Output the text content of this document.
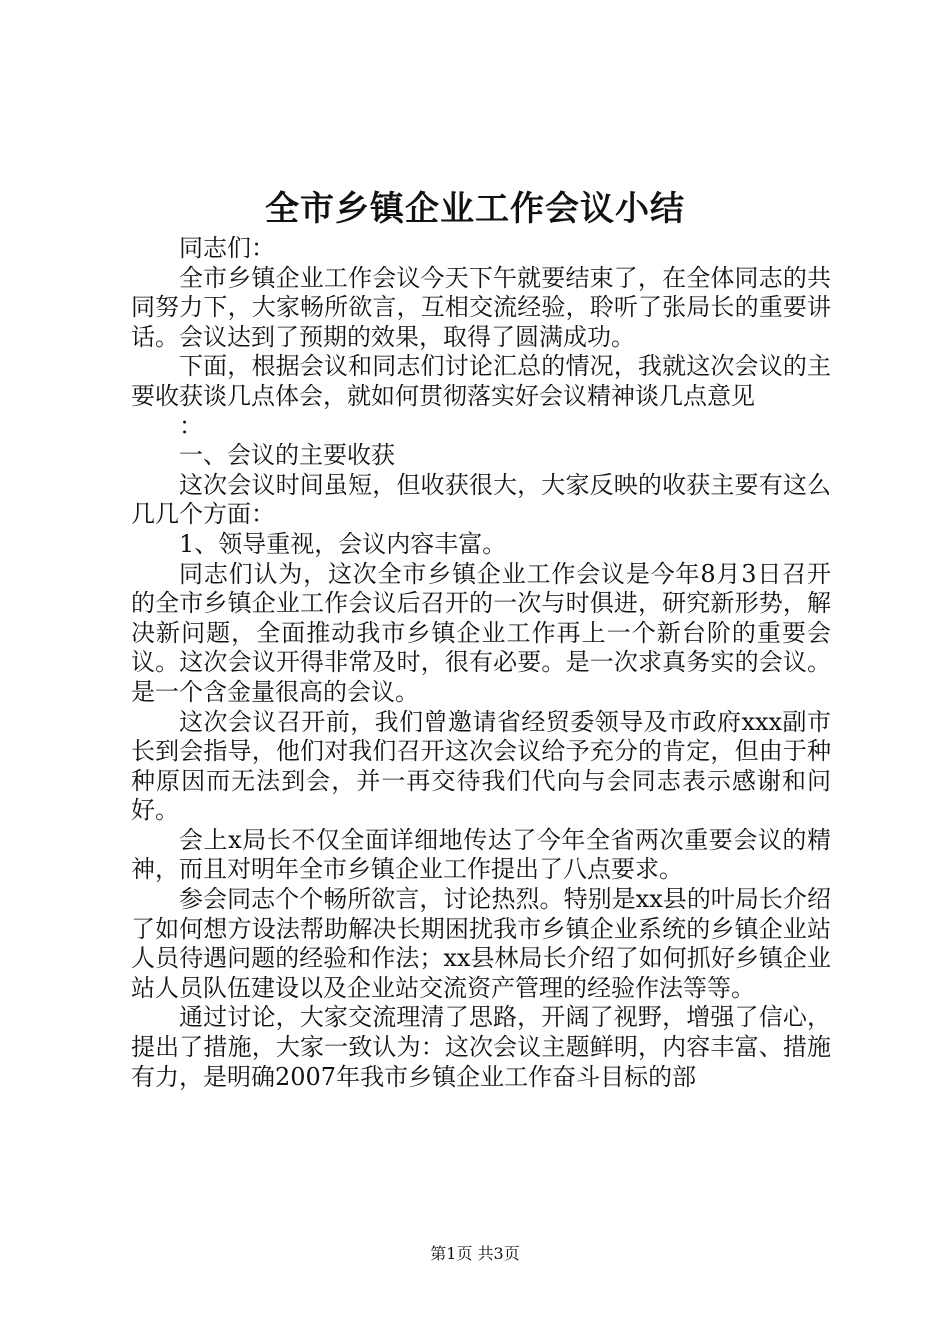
全市乡镇企业工作会议小结

同志们：

全市乡镇企业工作会议今天下午就要结束了，在全体同志的共同努力下，大家畅所欲言，互相交流经验，聆听了张局长的重要讲话。会议达到了预期的效果，取得了圆满成功。

下面，根据会议和同志们讨论汇总的情况，我就这次会议的主要收获谈几点体会，就如何贯彻落实好会议精神谈几点意见

：

一、会议的主要收获

这次会议时间虽短，但收获很大，大家反映的收获主要有这么几几个方面：

1、领导重视，会议内容丰富。

同志们认为，这次全市乡镇企业工作会议是今年8月3日召开的全市乡镇企业工作会议后召开的一次与时俱进，研究新形势，解决新问题，全面推动我市乡镇企业工作再上一个新台阶的重要会议。这次会议开得非常及时，很有必要。是一次求真务实的会议。是一个含金量很高的会议。

这次会议召开前，我们曾邀请省经贸委领导及市政府xxx副市长到会指导，他们对我们召开这次会议给予充分的肯定，但由于种种原因而无法到会，并一再交待我们代向与会同志表示感谢和问好。

会上x局长不仅全面详细地传达了今年全省两次重要会议的精神，而且对明年全市乡镇企业工作提出了八点要求。

参会同志个个畅所欲言，讨论热烈。特别是xx县的叶局长介绍了如何想方设法帮助解决长期困扰我市乡镇企业系统的乡镇企业站人员待遇问题的经验和作法；xx县林局长介绍了如何抓好乡镇企业站人员队伍建设以及企业站交流资产管理的经验作法等等。

通过讨论，大家交流理清了思路，开阔了视野，增强了信心，提出了措施，大家一致认为：这次会议主题鲜明，内容丰富、措施有力，是明确2007年我市乡镇企业工作奋斗目标的部

第1页 共3页
